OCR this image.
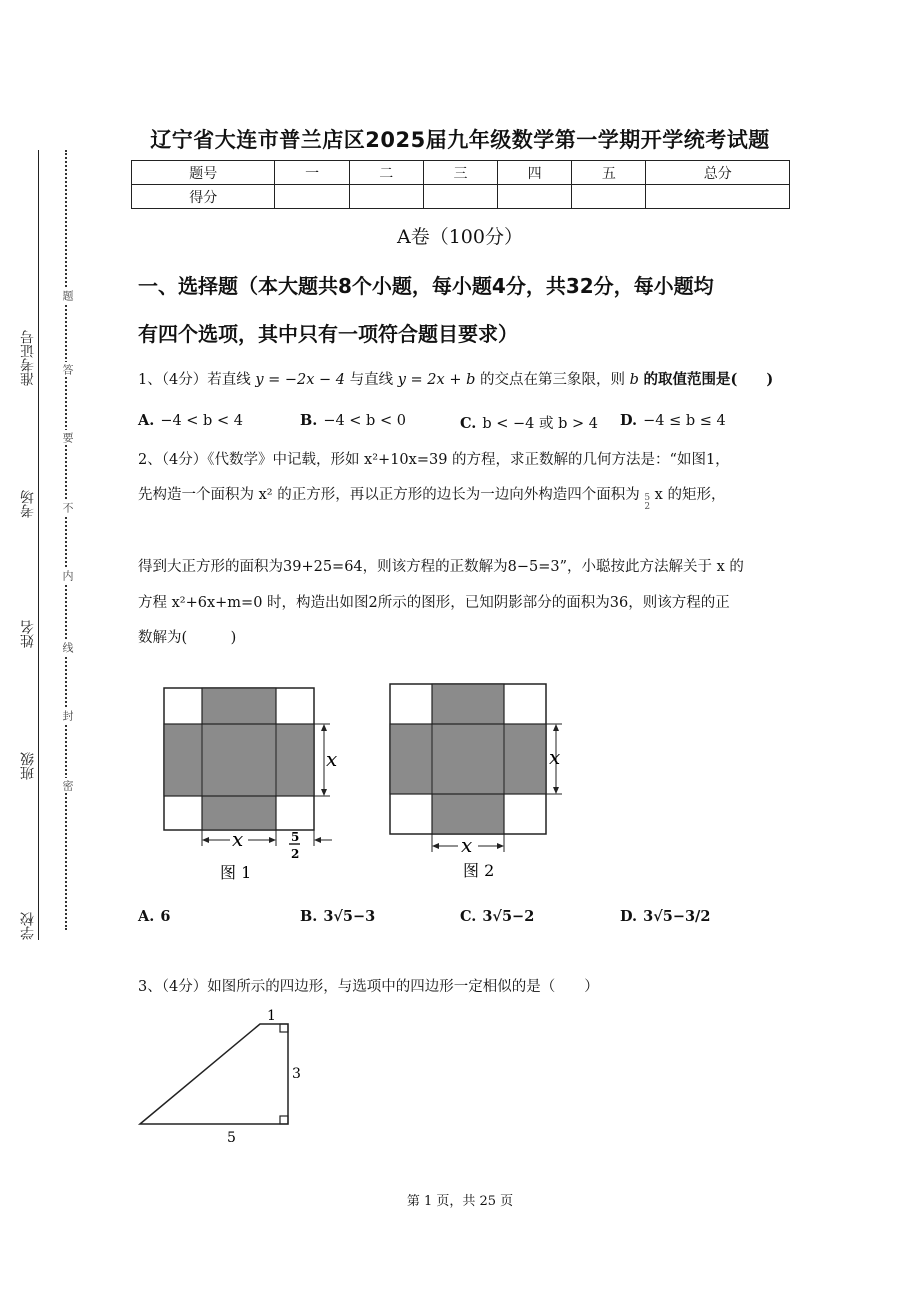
准考证号
考场
姓名
班级
学校
题
答
要
不
内
线
封
密
辽宁省大连市普兰店区2025届九年级数学第一学期开学统考试题
题号	一	二	三	四	五	总分
得分						
A卷（100分）
一、选择题（本大题共8个小题，每小题4分，共32分，每小题均
有四个选项，其中只有一项符合题目要求）
1、（4分）若直线 y = −2x − 4 与直线 y = 2x + b 的交点在第三象限，则 b 的取值范围是(　　)
A. −4 < b < 4	B. −4 < b < 0	C. b < −4 或 b > 4 D. −4 ≤ b ≤ 4
2、（4分）《代数学》中记载，形如 x²+10x=39 的方程，求正数解的几何方法是：“如图1，
先构造一个面积为 x² 的正方形，再以正方形的边长为一边向外构造四个面积为 5
2 x 的矩形，
得到大正方形的面积为39+25=64，则该方程的正数解为8−5=3”，小聪按此方法解关于 x 的
方程 x²+6x+m=0 时，构造出如图2所示的图形，已知阴影部分的面积为36，则该方程的正
数解为(　　　)
x
x	5
2
图 1
x
x
图 2
A. 6	B. 3√5−3	C. 3√5−2	D. 3√5−3/2
3、（4分）如图所示的四边形，与选项中的四边形一定相似的是（　　）
1
3
5
第 1 页，共 25 页
